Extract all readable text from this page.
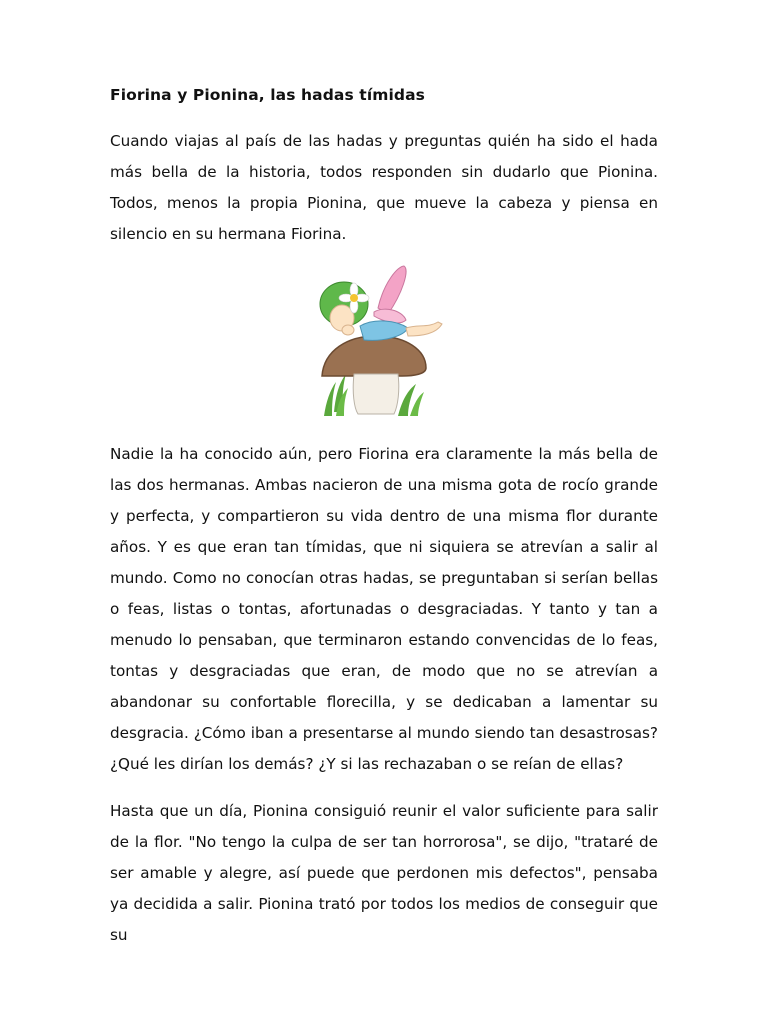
Fiorina y Pionina, las hadas tímidas

Cuando viajas al país de las hadas y preguntas quién ha sido el hada más bella de la historia, todos responden sin dudarlo que Pionina. Todos, menos la propia Pionina, que mueve la cabeza y piensa en silencio en su hermana Fiorina.

Nadie la ha conocido aún, pero Fiorina era claramente la más bella de las dos hermanas. Ambas nacieron de una misma gota de rocío grande y perfecta, y compartieron su vida dentro de una misma flor durante años. Y es que eran tan tímidas, que ni siquiera se atrevían a salir al mundo. Como no conocían otras hadas, se preguntaban si serían bellas o feas, listas o tontas, afortunadas o desgraciadas. Y tanto y tan a menudo lo pensaban, que terminaron estando convencidas de lo feas, tontas y desgraciadas que eran, de modo que no se atrevían a abandonar su confortable florecilla, y se dedicaban a lamentar su desgracia. ¿Cómo iban a presentarse al mundo siendo tan desastrosas? ¿Qué les dirían los demás? ¿Y si las rechazaban o se reían de ellas?

Hasta que un día, Pionina consiguió reunir el valor suficiente para salir de la flor. "No tengo la culpa de ser tan horrorosa", se dijo, "trataré de ser amable y alegre, así puede que perdonen mis defectos", pensaba ya decidida a salir. Pionina trató por todos los medios de conseguir que su
